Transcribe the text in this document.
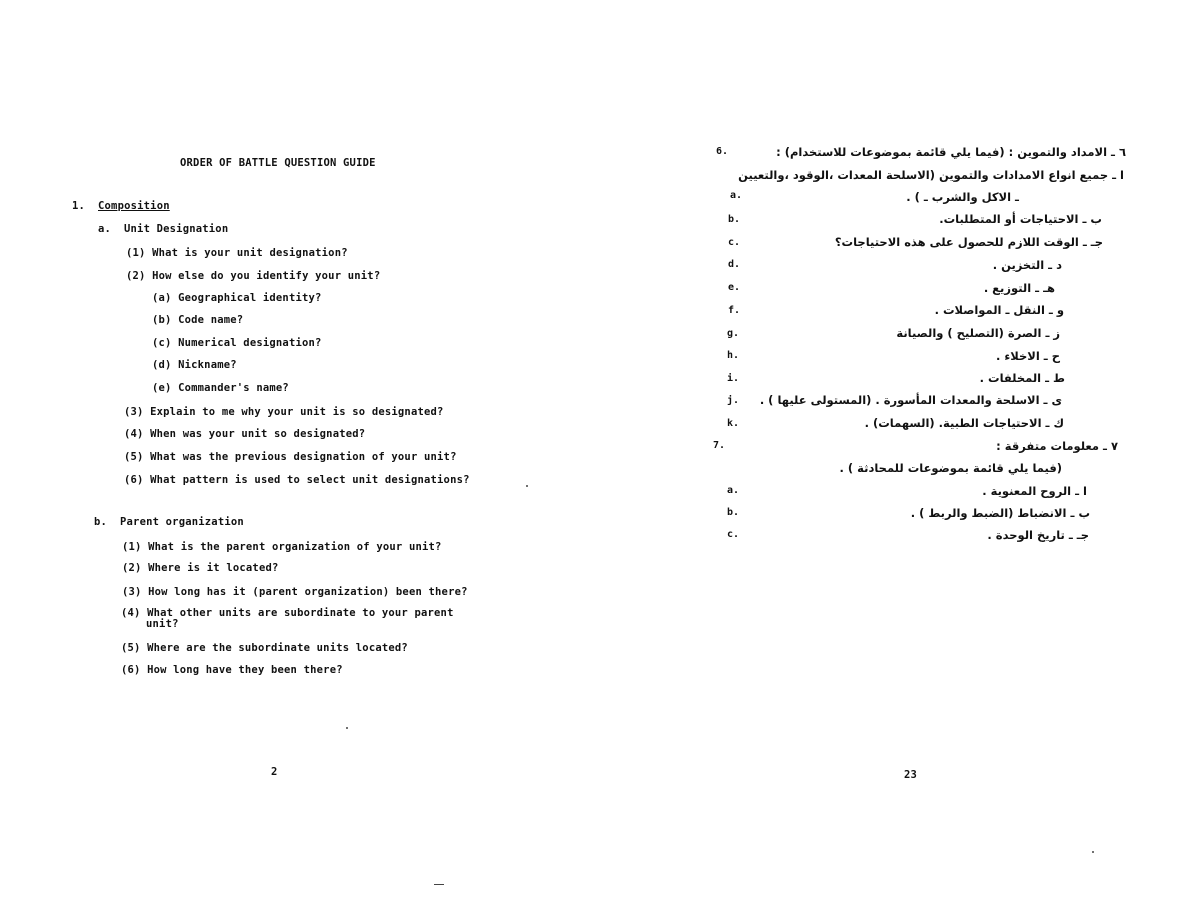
ORDER OF BATTLE QUESTION GUIDE
1. Composition
a. Unit Designation
(1) What is your unit designation?
(2) How else do you identify your unit?
(a) Geographical identity?
(b) Code name?
(c) Numerical designation?
(d) Nickname?
(e) Commander's name?
(3) Explain to me why your unit is so designated?
(4) When was your unit so designated?
(5) What was the previous designation of your unit?
(6) What pattern is used to select unit designations?
b. Parent organization
(1) What is the parent organization of your unit?
(2) Where is it located?
(3) How long has it (parent organization) been there?
(4) What other units are subordinate to your parent
unit?
(5) Where are the subordinate units located?
(6) How long have they been there?
2
6.	٦ ـ الامداد والتموين : (فيما يلي قائمة بموضوعات للاستخدام) :
ا ـ جميع انواع الامدادات والتموين (الاسلحة المعدات ،الوقود ،والتعيين
a.	ـ الاكل والشرب ـ ) .
b.	ب ـ الاحتياجات أو المتطلبات.
c.	جـ ـ الوقت اللازم للحصول على هذه الاحتياجات؟
d.	د ـ التخزين .
e.	هـ ـ التوزيع .
f.	و ـ النقل ـ المواصلات .
g.	ز ـ الصرة (التصليح ) والصيانة
h.	ح ـ الاخلاء .
i.	ط ـ المخلفات .
j. ى ـ الاسلحة والمعدات المأسورة . (المستولى عليها ) .
k.	ك ـ الاحتياجات الطبية. (السهمات) .
7.	٧ ـ معلومات متفرقة :
(فيما يلي قائمة بموضوعات للمحادثة ) .
a.	ا ـ الروح المعنوية .
b.	ب ـ الانضباط (الضبط والربط ) .
c.	جـ ـ تاريخ الوحدة .
23
